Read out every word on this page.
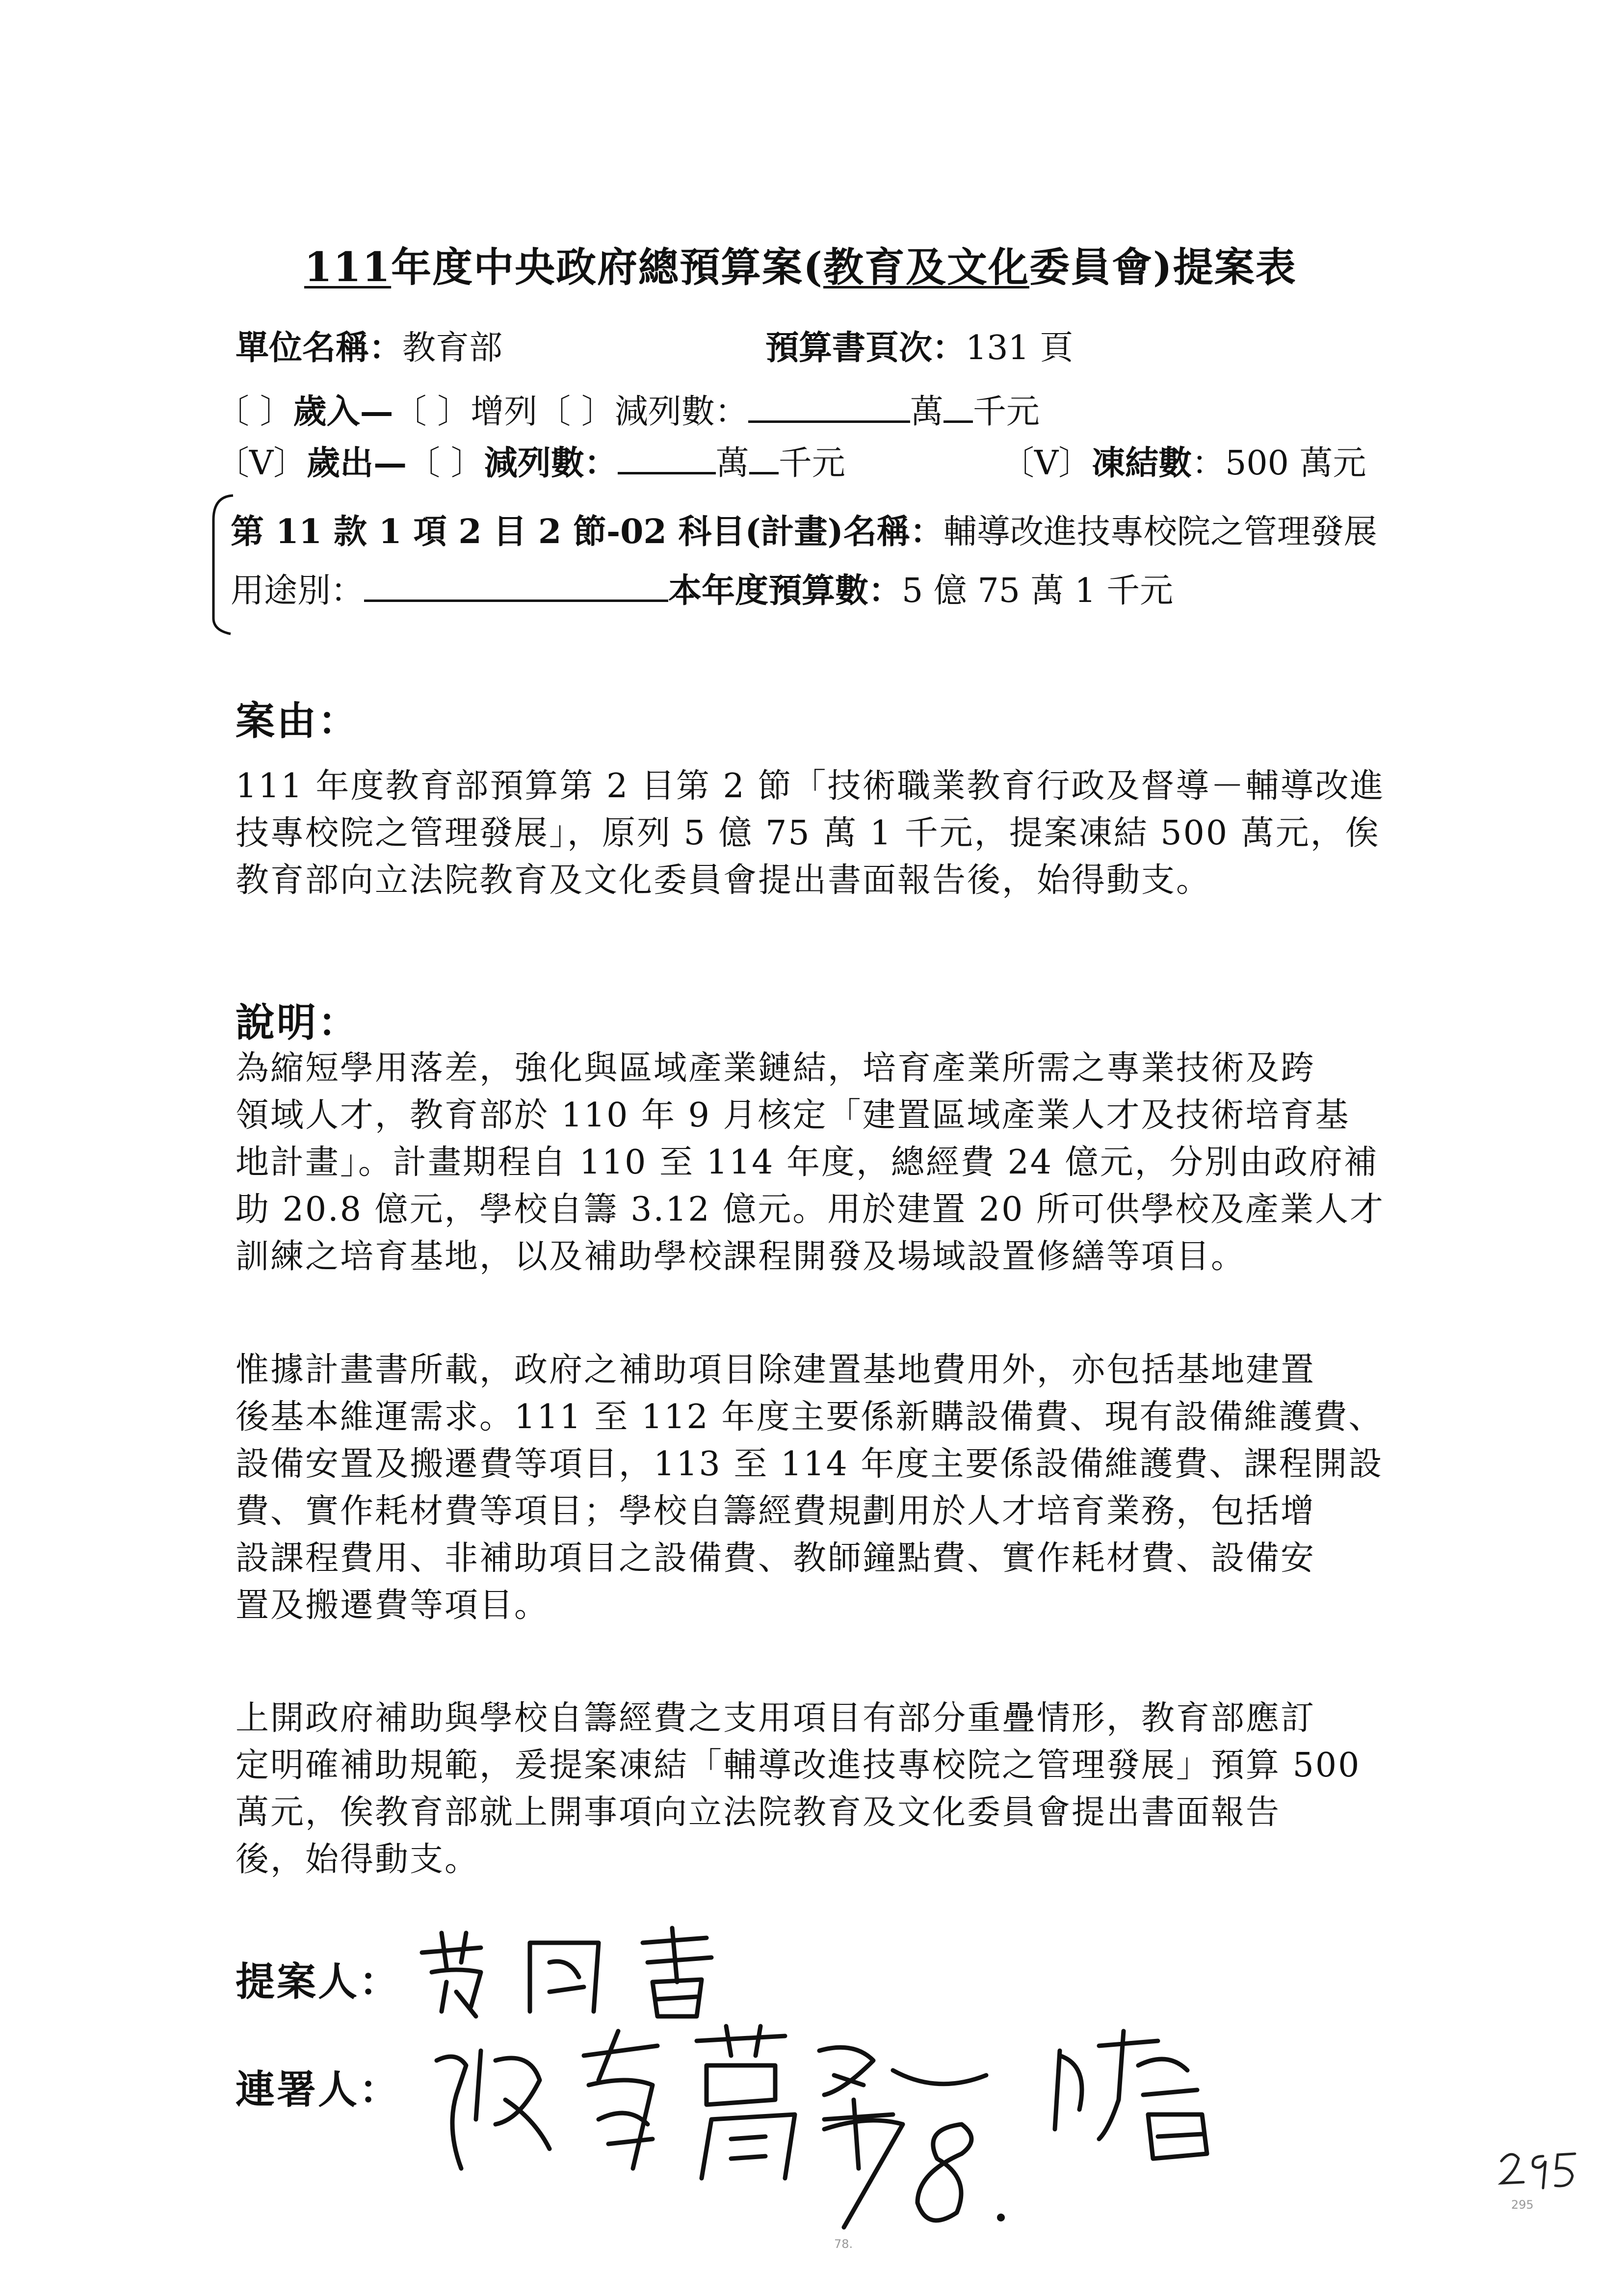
111年度中央政府總預算案(教育及文化委員會)提案表
單位名稱：教育部	預算書頁次：131 頁
〔 〕歲入—〔 〕增列〔 〕減列數：	萬 千元
〔V〕歲出—〔 〕減列數：	萬 千元	〔V〕凍結數：500 萬元
第 11 款 1 項 2 目 2 節-02 科目(計畫)名稱：輔導改進技專校院之管理發展
用途別：	本年度預算數：5 億 75 萬 1 千元
案由：
111 年度教育部預算第 2 目第 2 節「技術職業教育行政及督導－輔導改進
技專校院之管理發展」，原列 5 億 75 萬 1 千元，提案凍結 500 萬元，俟
教育部向立法院教育及文化委員會提出書面報告後，始得動支。
說明：
為縮短學用落差，強化與區域產業鏈結，培育產業所需之專業技術及跨
領域人才，教育部於 110 年 9 月核定「建置區域產業人才及技術培育基
地計畫」。計畫期程自 110 至 114 年度，總經費 24 億元，分別由政府補
助 20.8 億元，學校自籌 3.12 億元。用於建置 20 所可供學校及產業人才
訓練之培育基地，以及補助學校課程開發及場域設置修繕等項目。
惟據計畫書所載，政府之補助項目除建置基地費用外，亦包括基地建置
後基本維運需求。111 至 112 年度主要係新購設備費、現有設備維護費、
設備安置及搬遷費等項目，113 至 114 年度主要係設備維護費、課程開設
費、實作耗材費等項目；學校自籌經費規劃用於人才培育業務，包括增
設課程費用、非補助項目之設備費、教師鐘點費、實作耗材費、設備安
置及搬遷費等項目。
上開政府補助與學校自籌經費之支用項目有部分重疊情形，教育部應訂
定明確補助規範，爰提案凍結「輔導改進技專校院之管理發展」預算 500
萬元，俟教育部就上開事項向立法院教育及文化委員會提出書面報告
後，始得動支。
提案人：
連署人：
78.
295
